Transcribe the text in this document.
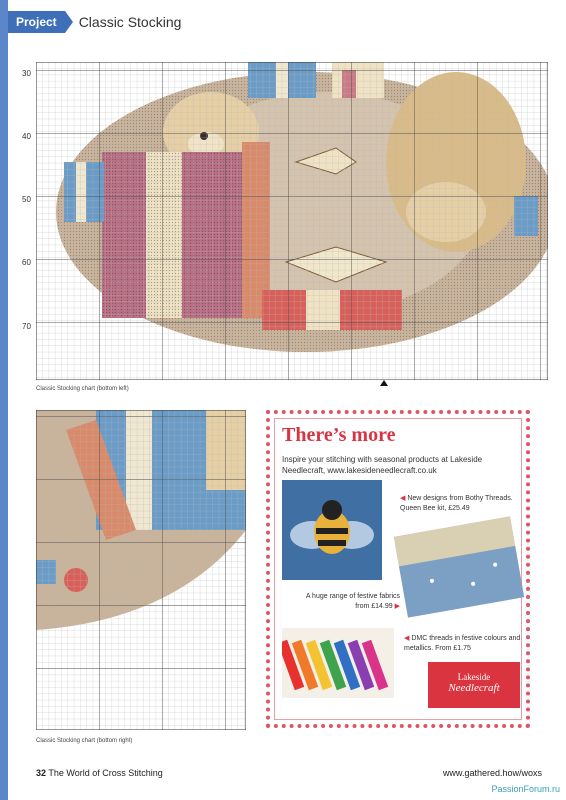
Project	Classic Stocking
30
40
50
60
70
Classic Stocking chart (bottom left)
Classic Stocking chart (bottom right)
There’s more
Inspire your stitching with seasonal products at Lakeside Needlecraft, www.lakesideneedlecraft.co.uk
◀ New designs from Bothy Threads. Queen Bee kit, £25.49
A huge range of festive fabrics from £14.99 ▶
◀ DMC threads in festive colours and metallics. From £1.75
Lakeside
Needlecraft
32 The World of Cross Stitching	www.gathered.how/woxs
PassionForum.ru
